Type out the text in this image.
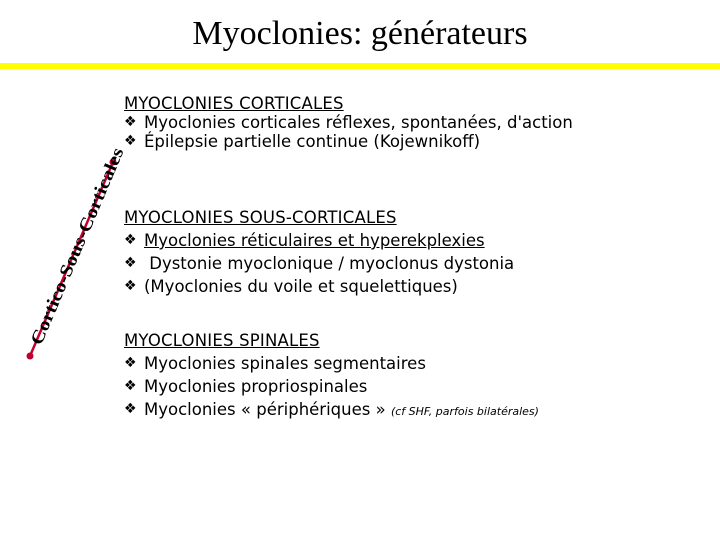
Myoclonies: générateurs
Cortico-Sous-Corticales
MYOCLONIES CORTICALES
❖
Myoclonies corticales réflexes, spontanées, d'action
❖
Épilepsie partielle continue (Kojewnikoff)
MYOCLONIES SOUS-CORTICALES
❖
Myoclonies réticulaires et hyperekplexies
❖
Dystonie myoclonique / myoclonus dystonia
❖
(Myoclonies du voile et squelettiques)
MYOCLONIES SPINALES
❖
Myoclonies spinales segmentaires
❖
Myoclonies propriospinales
❖
Myoclonies « périphériques » (cf SHF, parfois bilatérales)
